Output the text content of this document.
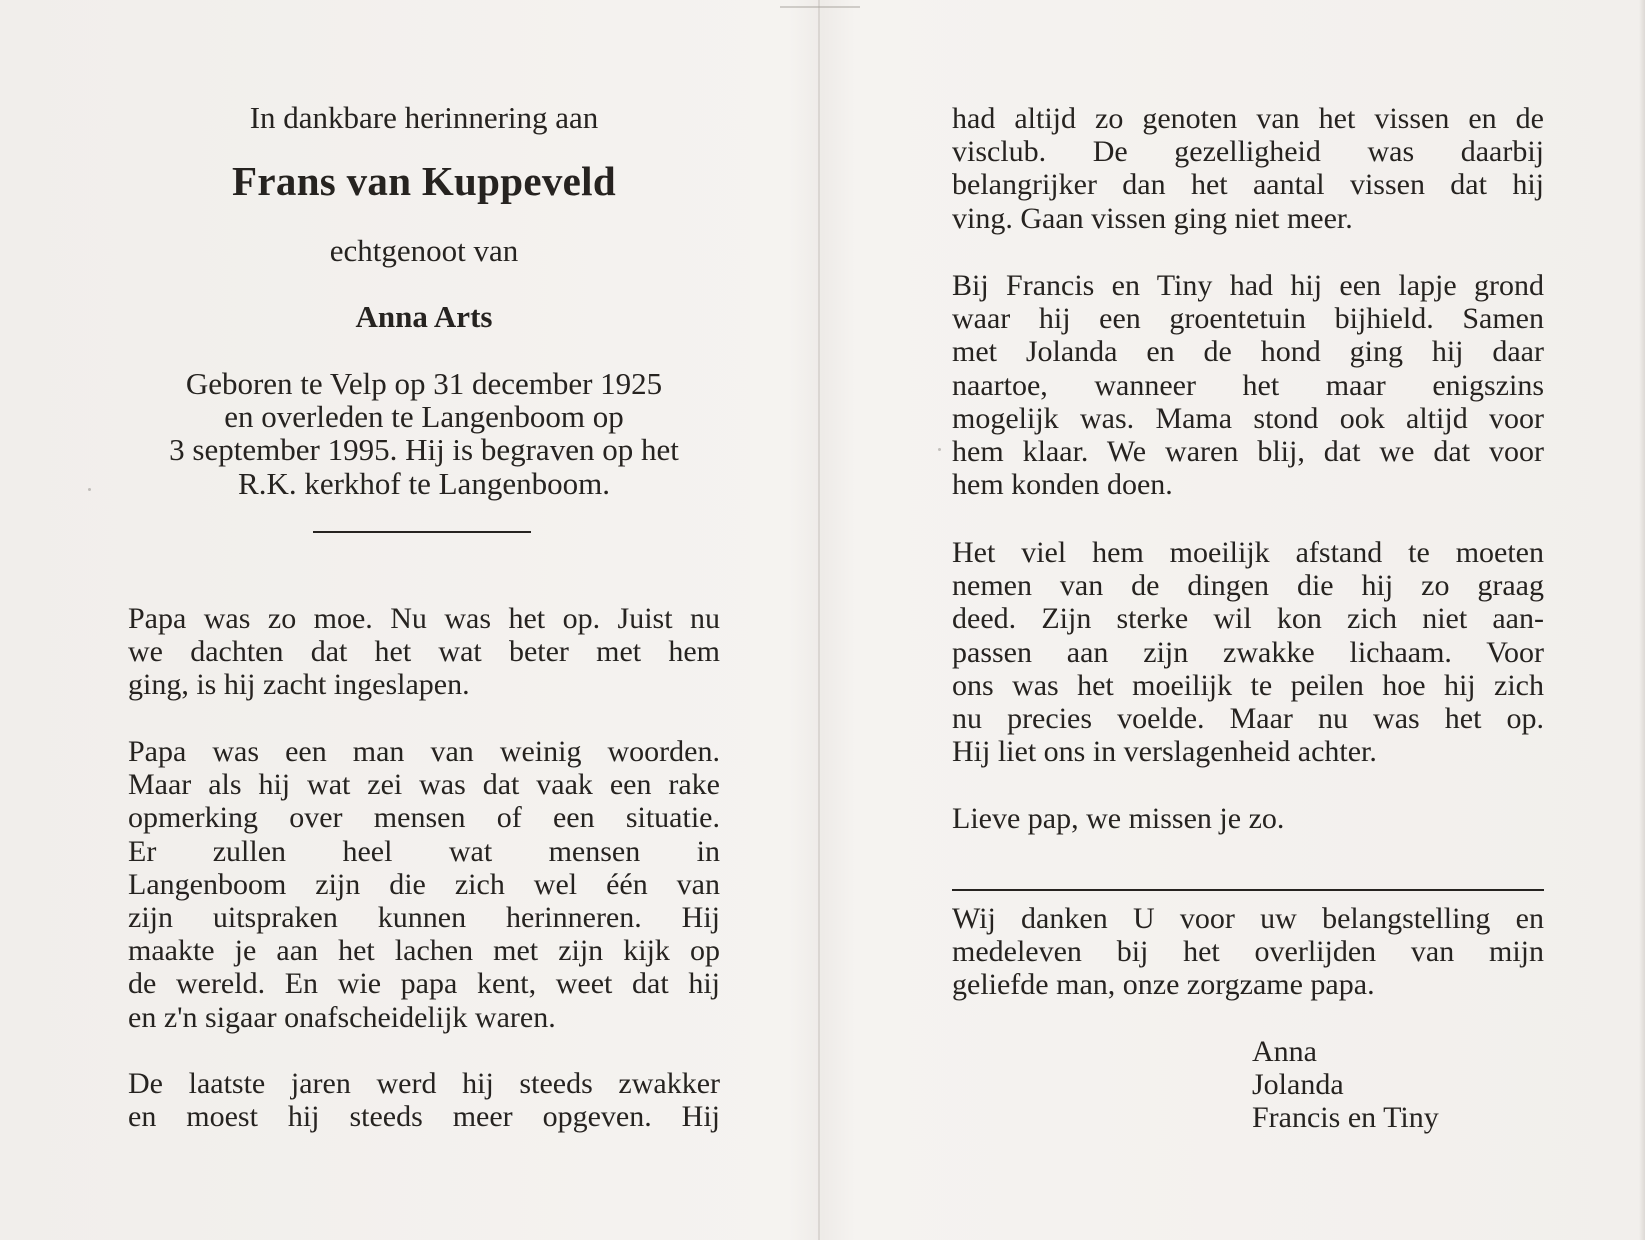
In dankbare herinnering aan
Frans van Kuppeveld
echtgenoot van
Anna Arts
Geboren te Velp op 31 december 1925
en overleden te Langenboom op
3 september 1995. Hij is begraven op het
R.K. kerkhof te Langenboom.
Papa was zo moe. Nu was het op. Juist nu
we dachten dat het wat beter met hem
ging, is hij zacht ingeslapen.
Papa was een man van weinig woorden.
Maar als hij wat zei was dat vaak een rake
opmerking over mensen of een situatie.
Er zullen heel wat mensen in
Langenboom zijn die zich wel één van
zijn uitspraken kunnen herinneren. Hij
maakte je aan het lachen met zijn kijk op
de wereld. En wie papa kent, weet dat hij
en z'n sigaar onafscheidelijk waren.
De laatste jaren werd hij steeds zwakker
en moest hij steeds meer opgeven. Hij
had altijd zo genoten van het vissen en de
visclub. De gezelligheid was daarbij
belangrijker dan het aantal vissen dat hij
ving. Gaan vissen ging niet meer.
Bij Francis en Tiny had hij een lapje grond
waar hij een groentetuin bijhield. Samen
met Jolanda en de hond ging hij daar
naartoe, wanneer het maar enigszins
mogelijk was. Mama stond ook altijd voor
hem klaar. We waren blij, dat we dat voor
hem konden doen.
Het viel hem moeilijk afstand te moeten
nemen van de dingen die hij zo graag
deed. Zijn sterke wil kon zich niet aan-
passen aan zijn zwakke lichaam. Voor
ons was het moeilijk te peilen hoe hij zich
nu precies voelde. Maar nu was het op.
Hij liet ons in verslagenheid achter.
Lieve pap, we missen je zo.
Wij danken U voor uw belangstelling en
medeleven bij het overlijden van mijn
geliefde man, onze zorgzame papa.
Anna
Jolanda
Francis en Tiny
